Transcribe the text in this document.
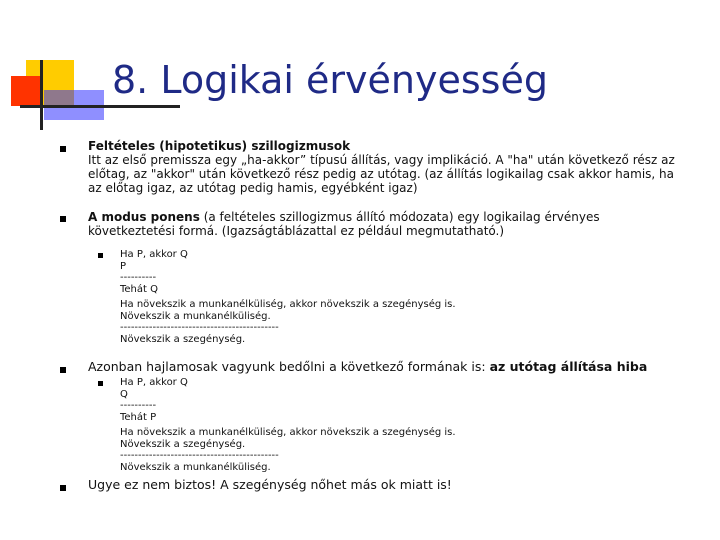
8. Logikai érvényesség
Feltételes (hipotetikus) szillogizmusok
Itt az első premissza egy „ha-akkor” típusú állítás, vagy implikáció. A "ha" után következő rész az
előtag, az "akkor" után következő rész pedig az utótag. (az állítás logikailag csak akkor hamis, ha
az előtag igaz, az utótag pedig hamis, egyébként igaz)
A modus ponens (a feltételes szillogizmus állító módozata) egy logikailag érvényes
következtetési formá. (Igazságtáblázattal ez például megmutatható.)
Ha P, akkor Q
P
----------
Tehát Q
Ha növekszik a munkanélküliség, akkor növekszik a szegénység is.
Növekszik a munkanélküliség.
--------------------------------------------
Növekszik a szegénység.
Azonban hajlamosak vagyunk bedőlni a következő formának is: az utótag állítása hiba
Ha P, akkor Q
Q
----------
Tehát P
Ha növekszik a munkanélküliség, akkor növekszik a szegénység is.
Növekszik a szegénység.
--------------------------------------------
Növekszik a munkanélküliség.
Ugye ez nem biztos! A szegénység nőhet más ok miatt is!
